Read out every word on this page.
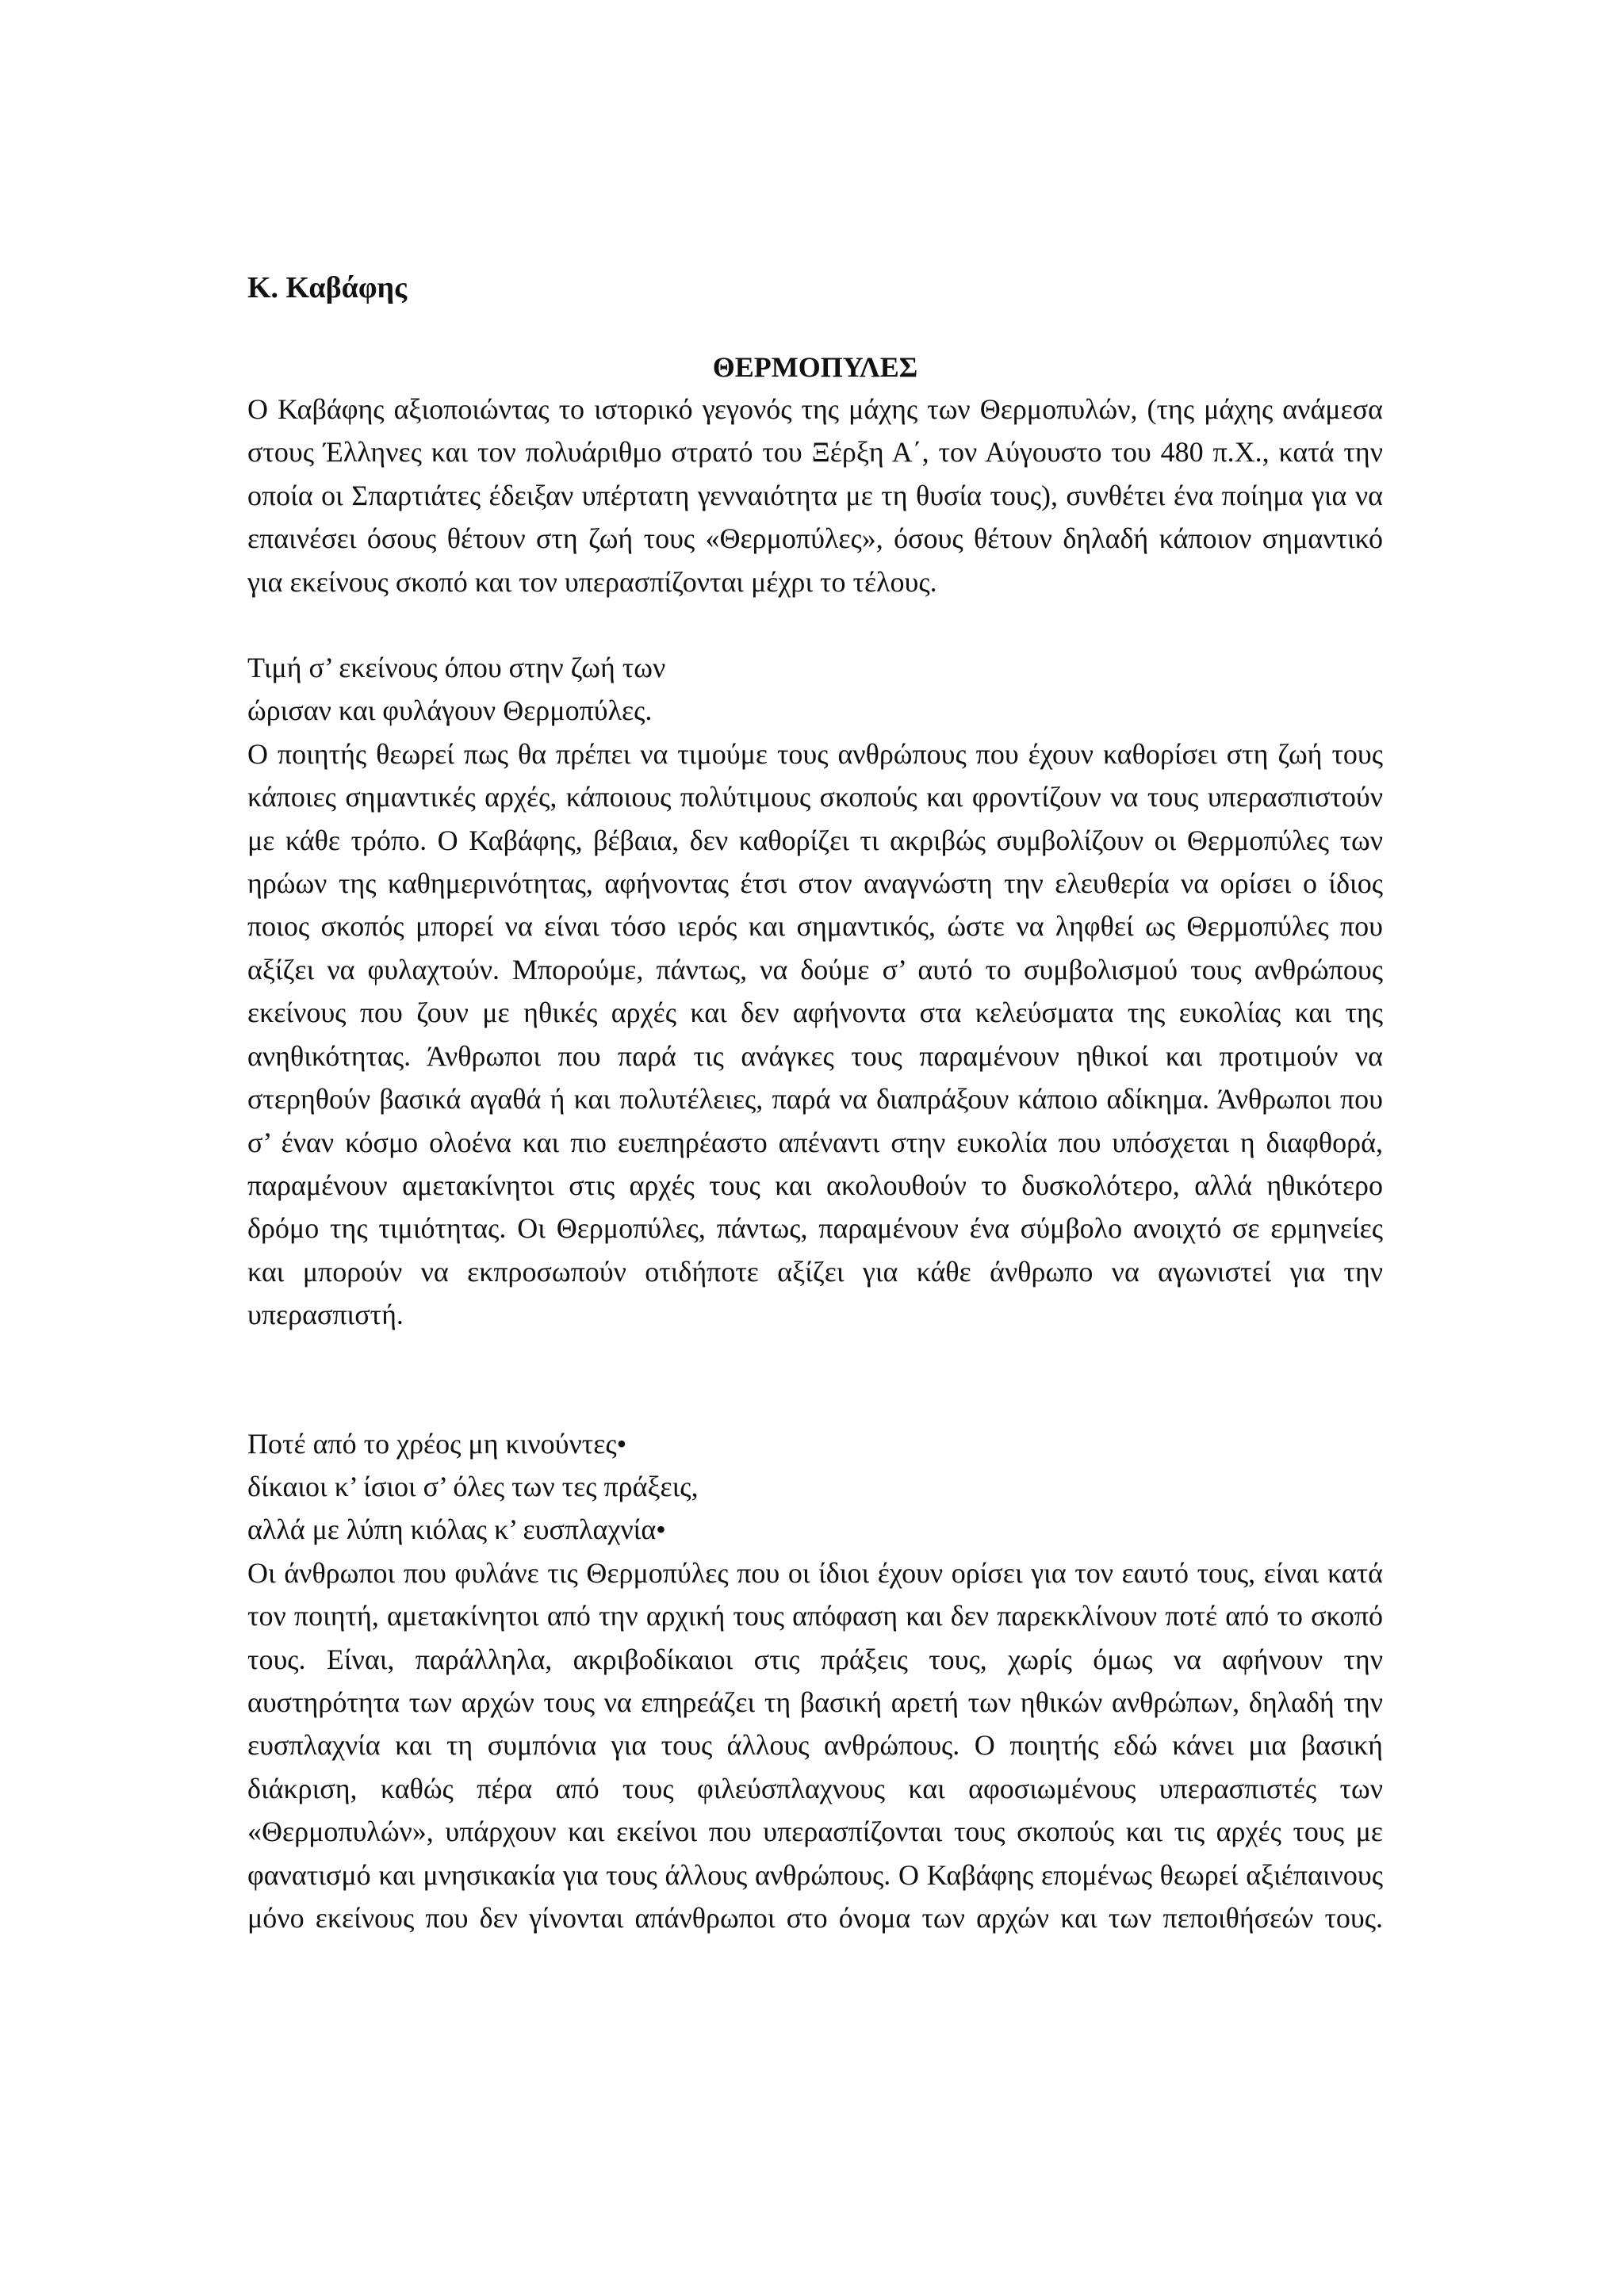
Κ. Καβάφης
ΘΕΡΜΟΠΥΛΕΣ

Ο Καβάφης αξιοποιώντας το ιστορικό γεγονός της μάχης των Θερμοπυλών, (της μάχης ανάμεσα στους Έλληνες και τον πολυάριθμο στρατό του Ξέρξη Α΄, τον Αύγουστο του 480 π.Χ., κατά την οποία οι Σπαρτιάτες έδειξαν υπέρτατη γενναιότητα με τη θυσία τους), συνθέτει ένα ποίημα για να επαινέσει όσους θέτουν στη ζωή τους «Θερμοπύλες», όσους θέτουν δηλαδή κάποιον σημαντικό για εκείνους σκοπό και τον υπερασπίζονται μέχρι το τέλους.

Τιμή σ’ εκείνους όπου στην ζωή των
ώρισαν και φυλάγουν Θερμοπύλες.

Ο ποιητής θεωρεί πως θα πρέπει να τιμούμε τους ανθρώπους που έχουν καθορίσει στη ζωή τους κάποιες σημαντικές αρχές, κάποιους πολύτιμους σκοπούς και φροντίζουν να τους υπερασπιστούν με κάθε τρόπο. Ο Καβάφης, βέβαια, δεν καθορίζει τι ακριβώς συμβολίζουν οι Θερμοπύλες των ηρώων της καθημερινότητας, αφήνοντας έτσι στον αναγνώστη την ελευθερία να ορίσει ο ίδιος ποιος σκοπός μπορεί να είναι τόσο ιερός και σημαντικός, ώστε να ληφθεί ως Θερμοπύλες που αξίζει να φυλαχτούν. Μπορούμε, πάντως, να δούμε σ’ αυτό το συμβολισμού τους ανθρώπους εκείνους που ζουν με ηθικές αρχές και δεν αφήνοντα στα κελεύσματα της ευκολίας και της ανηθικότητας. Άνθρωποι που παρά τις ανάγκες τους παραμένουν ηθικοί και προτιμούν να στερηθούν βασικά αγαθά ή και πολυτέλειες, παρά να διαπράξουν κάποιο αδίκημα. Άνθρωποι που σ’ έναν κόσμο ολοένα και πιο ευεπηρέαστο απέναντι στην ευκολία που υπόσχεται η διαφθορά, παραμένουν αμετακίνητοι στις αρχές τους και ακολουθούν το δυσκολότερο, αλλά ηθικότερο δρόμο της τιμιότητας. Οι Θερμοπύλες, πάντως, παραμένουν ένα σύμβολο ανοιχτό σε ερμηνείες και μπορούν να εκπροσωπούν οτιδήποτε αξίζει για κάθε άνθρωπο να αγωνιστεί για την υπερασπιστή.

Ποτέ από το χρέος μη κινούντες•
δίκαιοι κ’ ίσιοι σ’ όλες των τες πράξεις,
αλλά με λύπη κιόλας κ’ ευσπλαχνία•

Οι άνθρωποι που φυλάνε τις Θερμοπύλες που οι ίδιοι έχουν ορίσει για τον εαυτό τους, είναι κατά τον ποιητή, αμετακίνητοι από την αρχική τους απόφαση και δεν παρεκκλίνουν ποτέ από το σκοπό τους. Είναι, παράλληλα, ακριβοδίκαιοι στις πράξεις τους, χωρίς όμως να αφήνουν την αυστηρότητα των αρχών τους να επηρεάζει τη βασική αρετή των ηθικών ανθρώπων, δηλαδή την ευσπλαχνία και τη συμπόνια για τους άλλους ανθρώπους. Ο ποιητής εδώ κάνει μια βασική διάκριση, καθώς πέρα από τους φιλεύσπλαχνους και αφοσιωμένους υπερασπιστές των «Θερμοπυλών», υπάρχουν και εκείνοι που υπερασπίζονται τους σκοπούς και τις αρχές τους με φανατισμό και μνησικακία για τους άλλους ανθρώπους. Ο Καβάφης επομένως θεωρεί αξιέπαινους μόνο εκείνους που δεν γίνονται απάνθρωποι στο όνομα των αρχών και των πεποιθήσεών τους.
